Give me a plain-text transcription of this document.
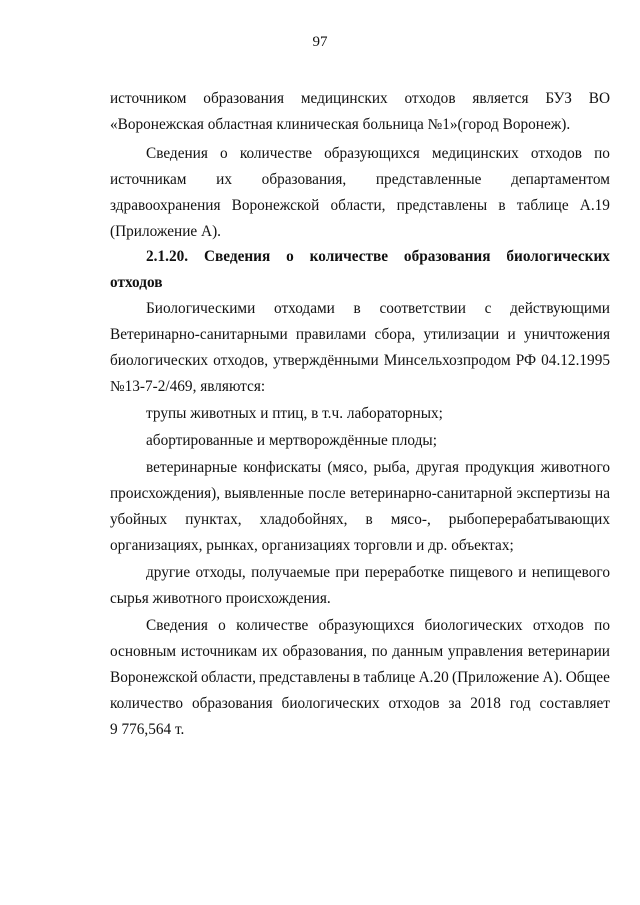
97
источником образования медицинских отходов является БУЗ ВО
«Воронежская областная клиническая больница №1»(город Воронеж).
Сведения о количестве образующихся медицинских отходов по
источникам их образования, представленные департаментом
здравоохранения Воронежской области, представлены в таблице А.19
(Приложение А).
2.1.20. Сведения о количестве образования биологических
отходов
Биологическими отходами в соответствии с действующими
Ветеринарно-санитарными правилами сбора, утилизации и уничтожения
биологических отходов, утверждёнными Минсельхозпродом РФ 04.12.1995
№13-7-2/469, являются:
трупы животных и птиц, в т.ч. лабораторных;
абортированные и мертворождённые плоды;
ветеринарные конфискаты (мясо, рыба, другая продукция животного
происхождения), выявленные после ветеринарно-санитарной экспертизы на
убойных пунктах, хладобойнях, в мясо-, рыбоперерабатывающих
организациях, рынках, организациях торговли и др. объектах;
другие отходы, получаемые при переработке пищевого и непищевого
сырья животного происхождения.
Сведения о количестве образующихся биологических отходов по
основным источникам их образования, по данным управления ветеринарии
Воронежской области, представлены в таблице А.20 (Приложение А). Общее
количество образования биологических отходов за 2018 год составляет
9 776,564 т.
